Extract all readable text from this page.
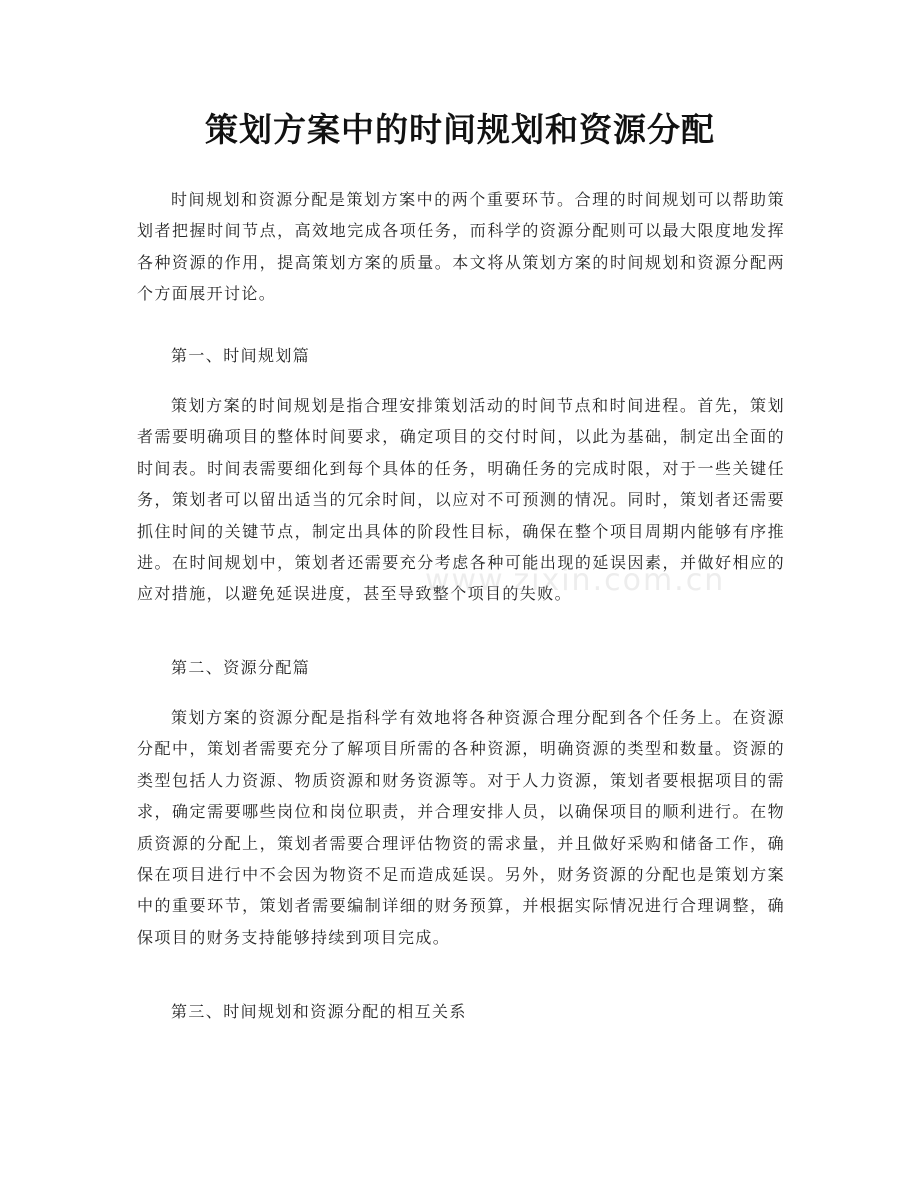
策划方案中的时间规划和资源分配
时间规划和资源分配是策划方案中的两个重要环节。合理的时间规划可以帮助策划者把握时间节点，高效地完成各项任务，而科学的资源分配则可以最大限度地发挥各种资源的作用，提高策划方案的质量。本文将从策划方案的时间规划和资源分配两个方面展开讨论。
第一、时间规划篇
策划方案的时间规划是指合理安排策划活动的时间节点和时间进程。首先，策划者需要明确项目的整体时间要求，确定项目的交付时间，以此为基础，制定出全面的时间表。时间表需要细化到每个具体的任务，明确任务的完成时限，对于一些关键任务，策划者可以留出适当的冗余时间，以应对不可预测的情况。同时，策划者还需要抓住时间的关键节点，制定出具体的阶段性目标，确保在整个项目周期内能够有序推进。在时间规划中，策划者还需要充分考虑各种可能出现的延误因素，并做好相应的应对措施，以避免延误进度，甚至导致整个项目的失败。
第二、资源分配篇
策划方案的资源分配是指科学有效地将各种资源合理分配到各个任务上。在资源分配中，策划者需要充分了解项目所需的各种资源，明确资源的类型和数量。资源的类型包括人力资源、物质资源和财务资源等。对于人力资源，策划者要根据项目的需求，确定需要哪些岗位和岗位职责，并合理安排人员，以确保项目的顺利进行。在物质资源的分配上，策划者需要合理评估物资的需求量，并且做好采购和储备工作，确保在项目进行中不会因为物资不足而造成延误。另外，财务资源的分配也是策划方案中的重要环节，策划者需要编制详细的财务预算，并根据实际情况进行合理调整，确保项目的财务支持能够持续到项目完成。
第三、时间规划和资源分配的相互关系
www.zixin.com.cn
